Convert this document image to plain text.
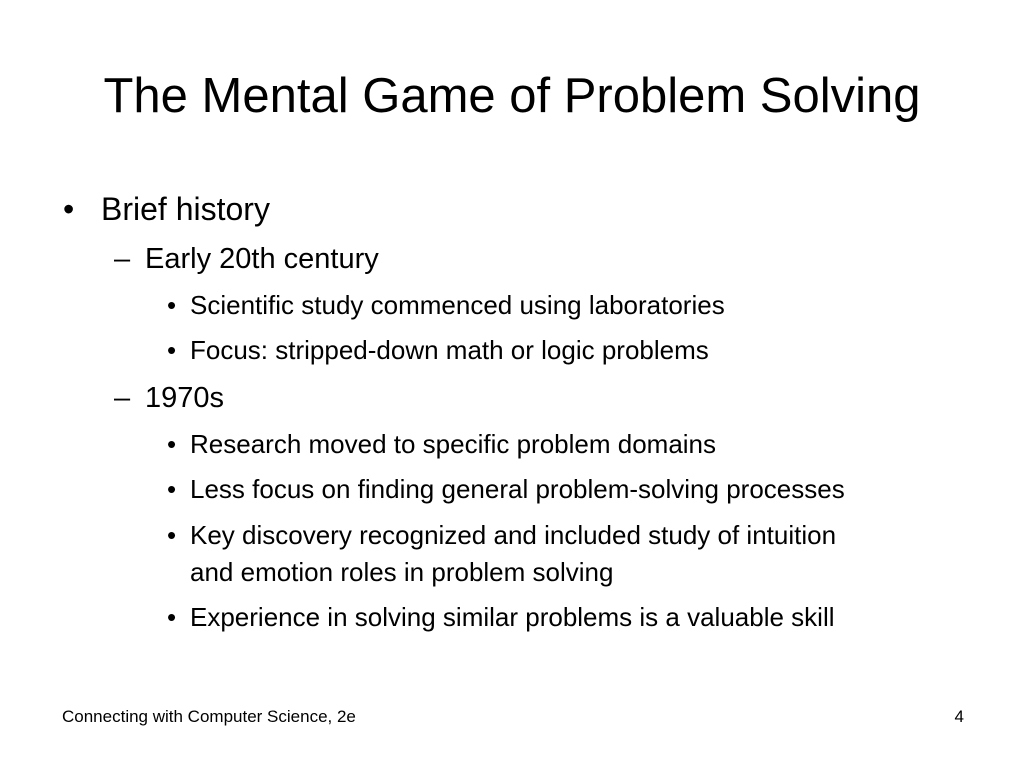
The Mental Game of Problem Solving
• Brief history
– Early 20th century
• Scientific study commenced using laboratories
• Focus: stripped-down math or logic problems
– 1970s
• Research moved to specific problem domains
• Less focus on finding general problem-solving processes
• Key discovery recognized and included study of intuition
and emotion roles in problem solving
• Experience in solving similar problems is a valuable skill
Connecting with Computer Science, 2e	4
